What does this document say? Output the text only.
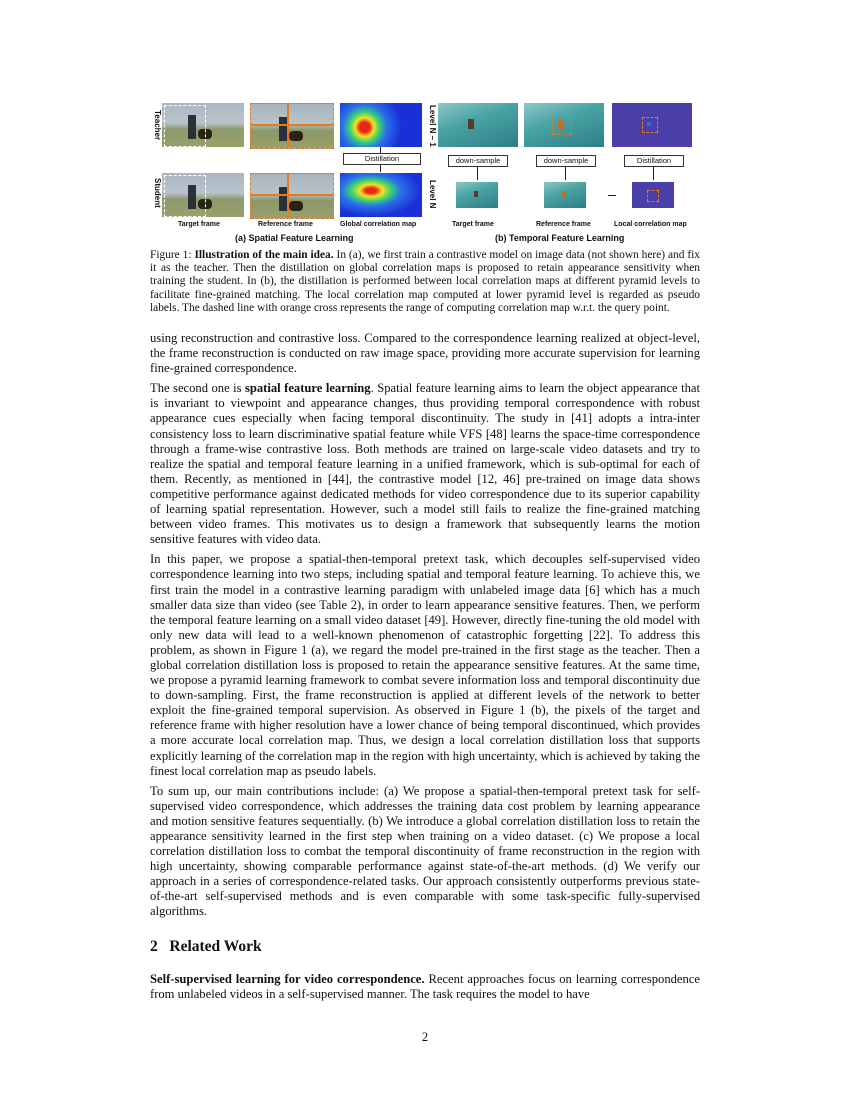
Teacher
Student
Distillation
Target frame	Reference frame	Global correlation map
(a) Spatial Feature Learning
Level N – 1
Level N
down-sample	down-sample	Distillation
Target frame	Reference frame	Local correlation map
(b) Temporal Feature Learning
Figure 1: Illustration of the main idea. In (a), we first train a contrastive model on image data (not shown here) and fix it as the teacher. Then the distillation on global correlation maps is proposed to retain appearance sensitivity when training the student. In (b), the distillation is performed between local correlation maps at different pyramid levels to facilitate fine-grained matching. The local correlation map computed at lower pyramid level is regarded as pseudo labels. The dashed line with orange cross represents the range of computing correlation map w.r.t. the query point.

using reconstruction and contrastive loss. Compared to the correspondence learning realized at object-level, the frame reconstruction is conducted on raw image space, providing more accurate supervision for learning fine-grained correspondence.

The second one is spatial feature learning. Spatial feature learning aims to learn the object appearance that is invariant to viewpoint and appearance changes, thus providing temporal correspondence with robust appearance cues especially when facing temporal discontinuity. The study in [41] adopts a intra-inter consistency loss to learn discriminative spatial feature while VFS [48] learns the space-time correspondence through a frame-wise contrastive loss. Both methods are trained on large-scale video datasets and try to realize the spatial and temporal feature learning in a unified framework, which is sub-optimal for each of them. Recently, as mentioned in [44], the contrastive model [12, 46] pre-trained on image data shows competitive performance against dedicated methods for video correspondence due to its superior capability of learning spatial representation. However, such a model still fails to realize the fine-grained matching between video frames. This motivates us to design a framework that subsequently learns the motion sensitive features with video data.

In this paper, we propose a spatial-then-temporal pretext task, which decouples self-supervised video correspondence learning into two steps, including spatial and temporal feature learning. To achieve this, we first train the model in a contrastive learning paradigm with unlabeled image data [6] which has a much smaller data size than video (see Table 2), in order to learn appearance sensitive features. Then, we perform the temporal feature learning on a small video dataset [49]. However, directly fine-tuning the old model with only new data will lead to a well-known phenomenon of catastrophic forgetting [22]. To address this problem, as shown in Figure 1 (a), we regard the model pre-trained in the first stage as the teacher. Then a global correlation distillation loss is proposed to retain the appearance sensitive features. At the same time, we propose a pyramid learning framework to combat severe information loss and temporal discontinuity due to down-sampling. First, the frame reconstruction is applied at different levels of the network to better exploit the fine-grained temporal supervision. As observed in Figure 1 (b), the pixels of the target and reference frame with higher resolution have a lower chance of being temporal discontinued, which provides a more accurate local correlation map. Thus, we design a local correlation distillation loss that supports explicitly learning of the correlation map in the region with high uncertainty, which is achieved by taking the finest local correlation map as pseudo labels.

To sum up, our main contributions include: (a) We propose a spatial-then-temporal pretext task for self-supervised video correspondence, which addresses the training data cost problem by learning appearance and motion sensitive features sequentially. (b) We introduce a global correlation distillation loss to retain the appearance sensitivity learned in the first step when training on a video dataset. (c) We propose a local correlation distillation loss to combat the temporal discontinuity of frame reconstruction in the region with high uncertainty, showing comparable performance against state-of-the-art methods. (d) We verify our approach in a series of correspondence-related tasks. Our approach consistently outperforms previous state-of-the-art self-supervised methods and is even comparable with some task-specific fully-supervised algorithms.

2 Related Work

Self-supervised learning for video correspondence. Recent approaches focus on learning correspondence from unlabeled videos in a self-supervised manner. The task requires the model to have

2
